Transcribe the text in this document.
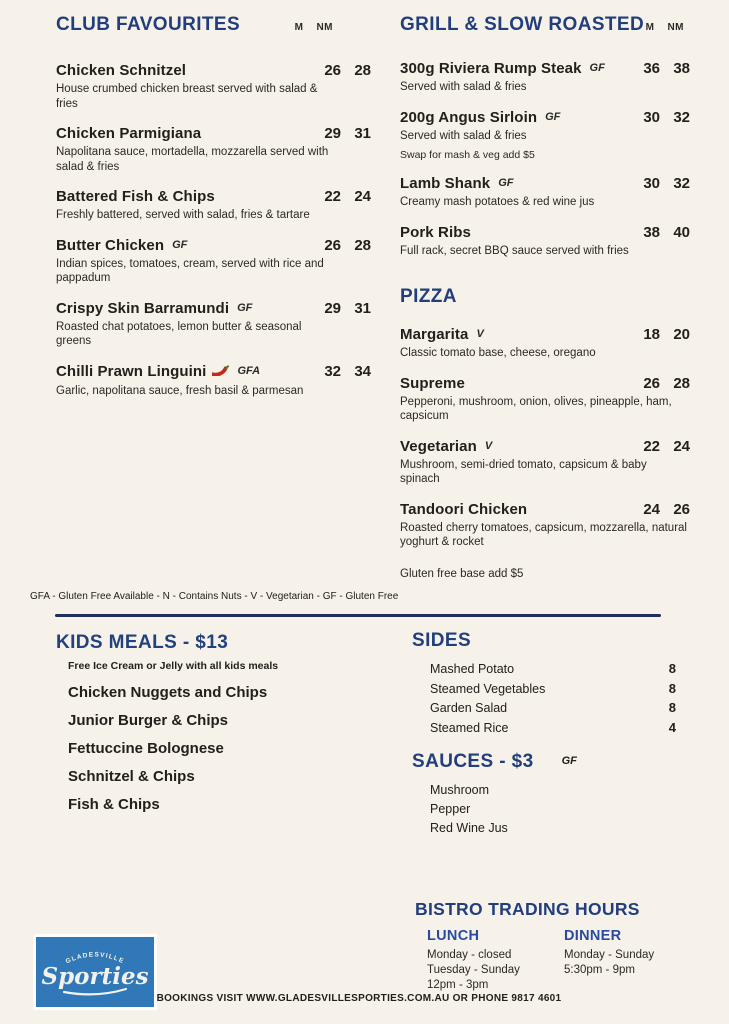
CLUB FAVOURITES	M NM
Chicken Schnitzel	26 28
House crumbed chicken breast served with salad & fries
Chicken Parmigiana	29 31
Napolitana sauce, mortadella, mozzarella served with salad & fries
Battered Fish & Chips	22 24
Freshly battered, served with salad, fries & tartare
Butter Chicken GF	26 28
Indian spices, tomatoes, cream, served with rice and pappadum
Crispy Skin Barramundi GF	29 31
Roasted chat potatoes, lemon butter & seasonal greens
Chilli Prawn Linguini	GFA	32 34
Garlic, napolitana sauce, fresh basil & parmesan
GRILL & SLOW ROASTED M NM
300g Riviera Rump Steak GF	36 38
Served with salad & fries
200g Angus Sirloin GF	30 32
Served with salad & fries
Swap for mash & veg add $5
Lamb Shank GF	30 32
Creamy mash potatoes & red wine jus
Pork Ribs	38 40
Full rack, secret BBQ sauce served with fries
PIZZA
Margarita V	18 20
Classic tomato base, cheese, oregano
Supreme	26 28
Pepperoni, mushroom, onion, olives, pineapple, ham, capsicum
Vegetarian V	22 24
Mushroom, semi-dried tomato, capsicum & baby spinach
Tandoori Chicken	24 26
Roasted cherry tomatoes, capsicum, mozzarella, natural yoghurt & rocket
Gluten free base add $5
GFA - Gluten Free Available - N - Contains Nuts - V - Vegetarian - GF - Gluten Free
KIDS MEALS - $13
Free Ice Cream or Jelly with all kids meals
Chicken Nuggets and Chips
Junior Burger & Chips
Fettuccine Bolognese
Schnitzel & Chips
Fish & Chips
SIDES
Mashed Potato	8
Steamed Vegetables	8
Garden Salad	8
Steamed Rice	4
SAUCES - $3	GF
Mushroom
Pepper
Red Wine Jus
BISTRO TRADING HOURS
LUNCH
Monday - closed
Tuesday - Sunday
12pm - 3pm
DINNER
Monday - Sunday
5:30pm - 9pm
GLADESVILLE
Sporties
BOOKINGS VISIT WWW.GLADESVILLESPORTIES.COM.AU OR PHONE 9817 4601
